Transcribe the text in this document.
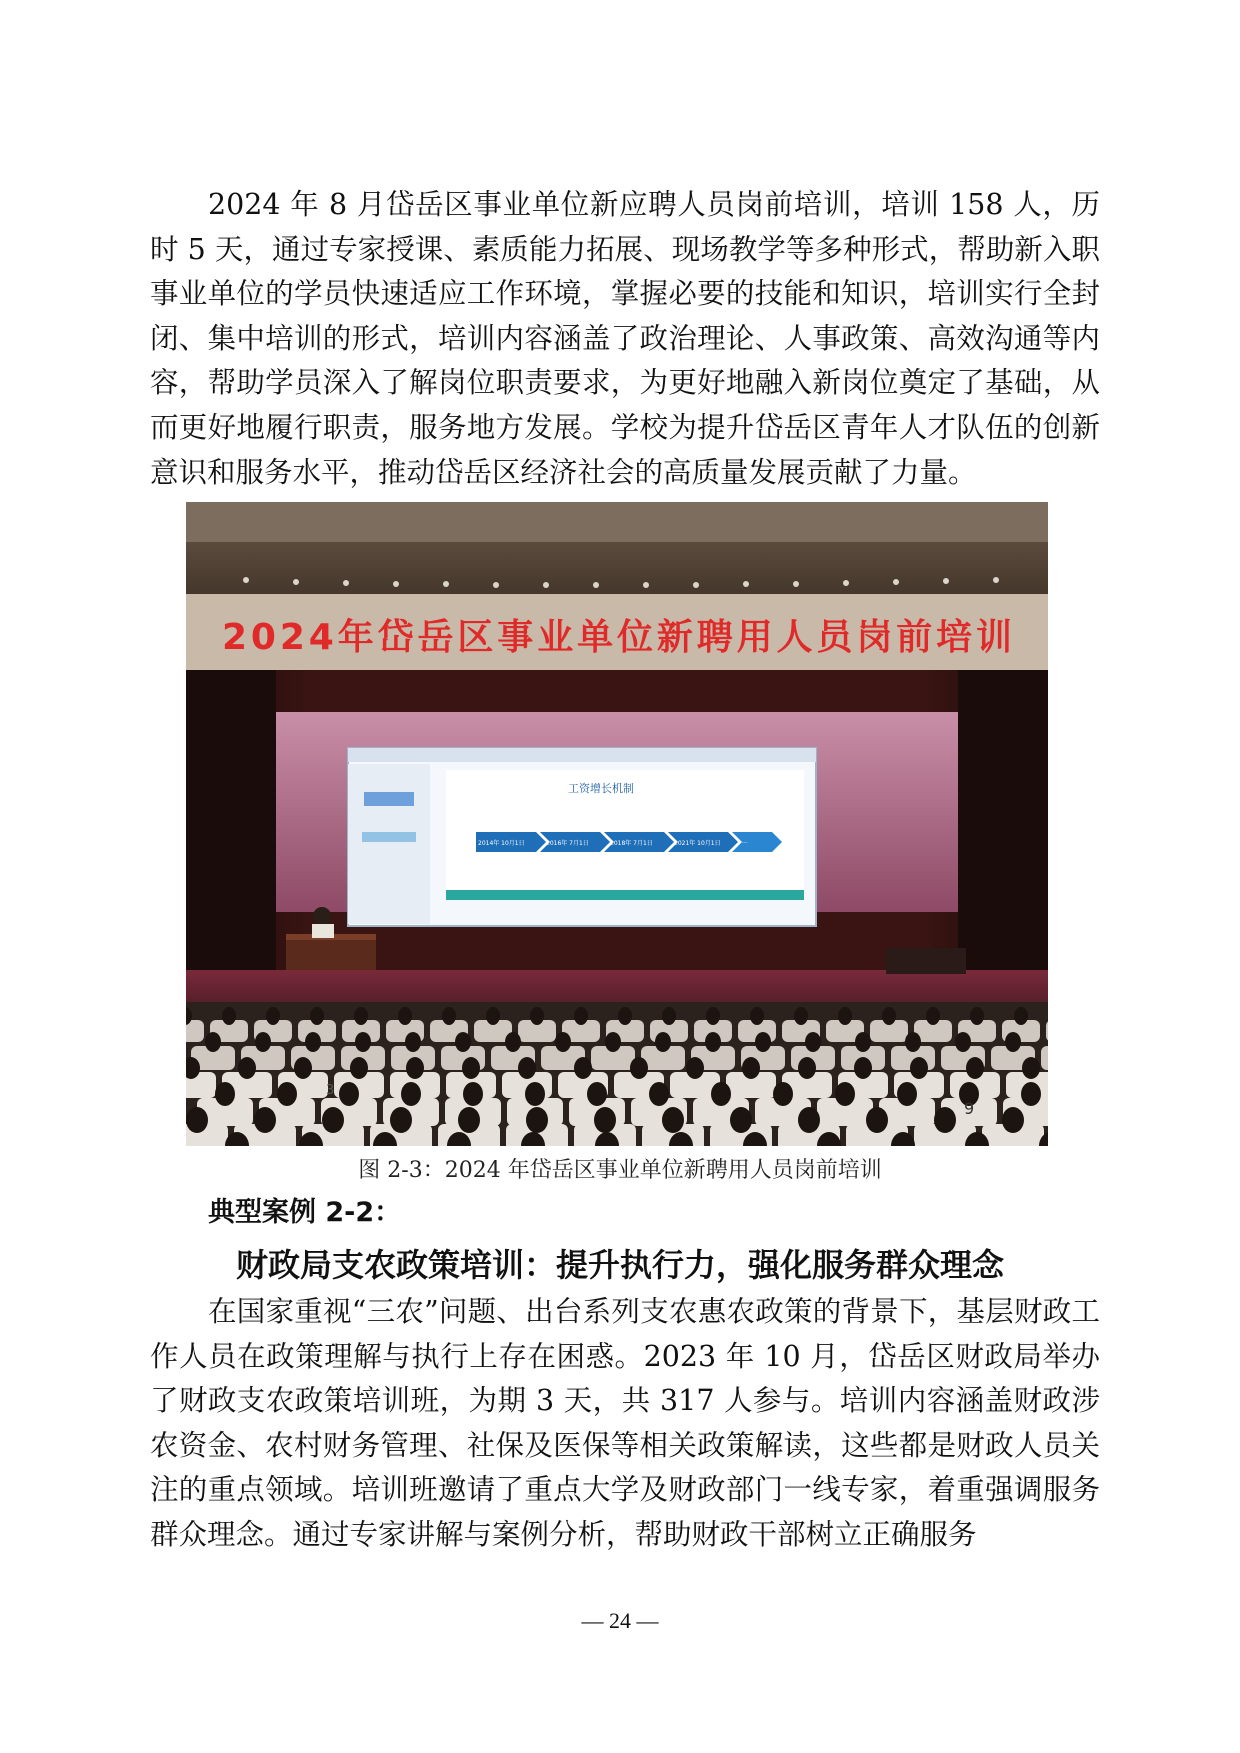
2024 年 8 月岱岳区事业单位新应聘人员岗前培训，培训 158 人，历时 5 天，通过专家授课、素质能力拓展、现场教学等多种形式，帮助新入职事业单位的学员快速适应工作环境，掌握必要的技能和知识，培训实行全封闭、集中培训的形式，培训内容涵盖了政治理论、人事政策、高效沟通等内容，帮助学员深入了解岗位职责要求，为更好地融入新岗位奠定了基础，从而更好地履行职责，服务地方发展。学校为提升岱岳区青年人才队伍的创新意识和服务水平，推动岱岳区经济社会的高质量发展贡献了力量。

2024年岱岳区事业单位新聘用人员岗前培训
工资增长机制
2014年 10月1日	2016年 7月1日	2018年 7月1日	2021年 10月1日	···
3
9
图 2-3：2024 年岱岳区事业单位新聘用人员岗前培训
典型案例 2-2：
财政局支农政策培训：提升执行力，强化服务群众理念

在国家重视“三农”问题、出台系列支农惠农政策的背景下，基层财政工作人员在政策理解与执行上存在困惑。2023 年 10 月，岱岳区财政局举办了财政支农政策培训班，为期 3 天，共 317 人参与。培训内容涵盖财政涉农资金、农村财务管理、社保及医保等相关政策解读，这些都是财政人员关注的重点领域。培训班邀请了重点大学及财政部门一线专家，着重强调服务群众理念。通过专家讲解与案例分析，帮助财政干部树立正确服务

— 24 —
